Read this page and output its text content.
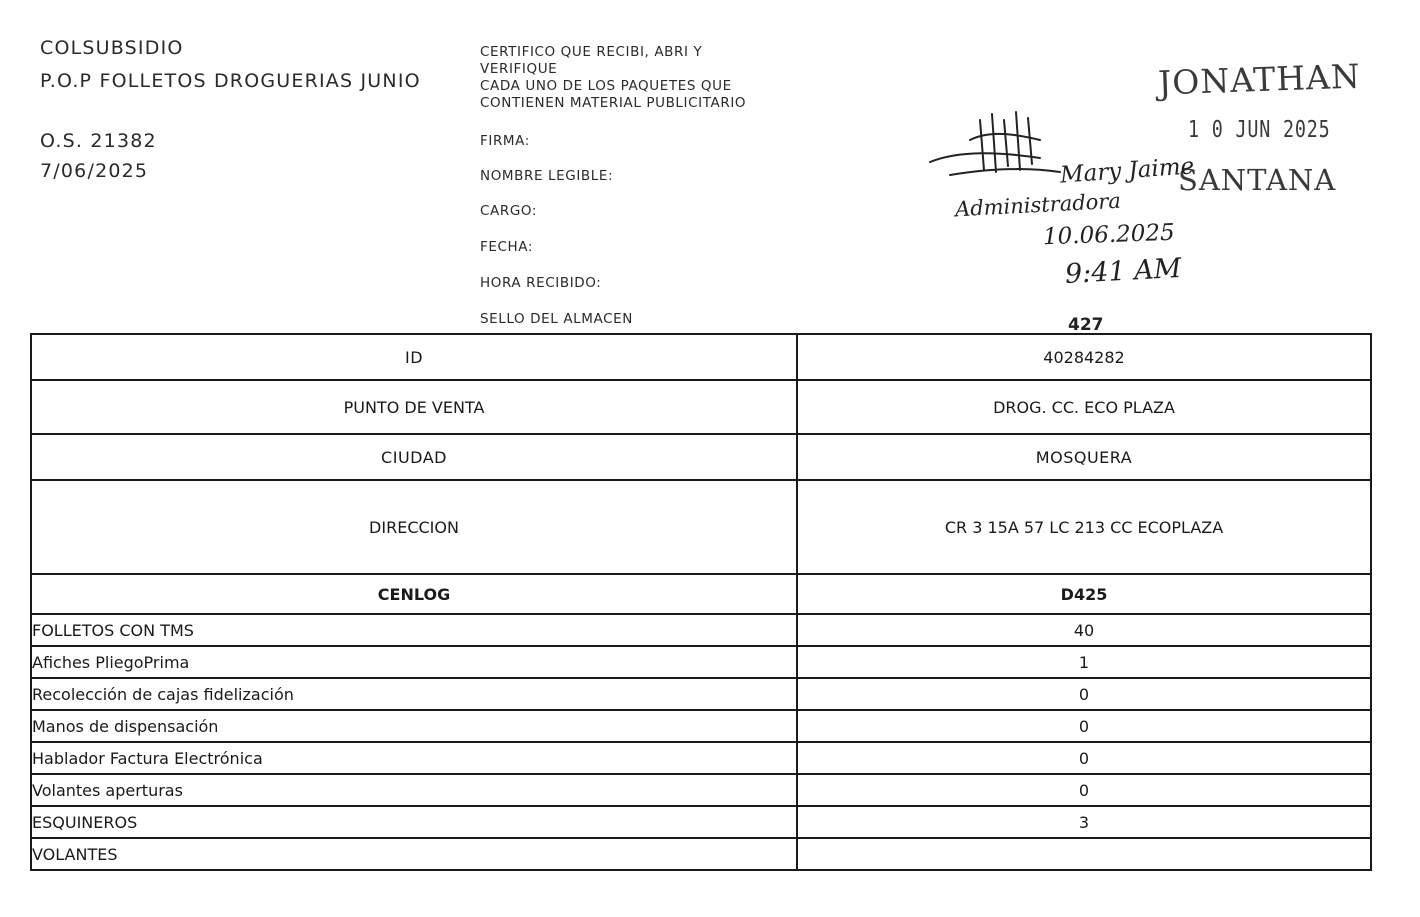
COLSUBSIDIO
P.O.P FOLLETOS DROGUERIAS JUNIO
O.S. 21382
7/06/2025
CERTIFICO QUE RECIBI, ABRI Y
VERIFIQUE
CADA UNO DE LOS PAQUETES QUE
CONTIENEN MATERIAL PUBLICITARIO
FIRMA:
NOMBRE LEGIBLE:
CARGO:
FECHA:
HORA RECIBIDO:
SELLO DEL ALMACEN
JONATHAN
1 0 JUN 2025
SANTANA
427
Mary Jaime
Administradora
10.06.2025
9:41 AM
ID	40284282
PUNTO DE VENTA	DROG. CC. ECO PLAZA
CIUDAD	MOSQUERA
DIRECCION	CR 3 15A 57 LC 213 CC ECOPLAZA
CENLOG	D425
FOLLETOS CON TMS	40
Afiches PliegoPrima	1
Recolección de cajas fidelización	0
Manos de dispensación	0
Hablador Factura Electrónica	0
Volantes aperturas	0
ESQUINEROS	3
VOLANTES	
